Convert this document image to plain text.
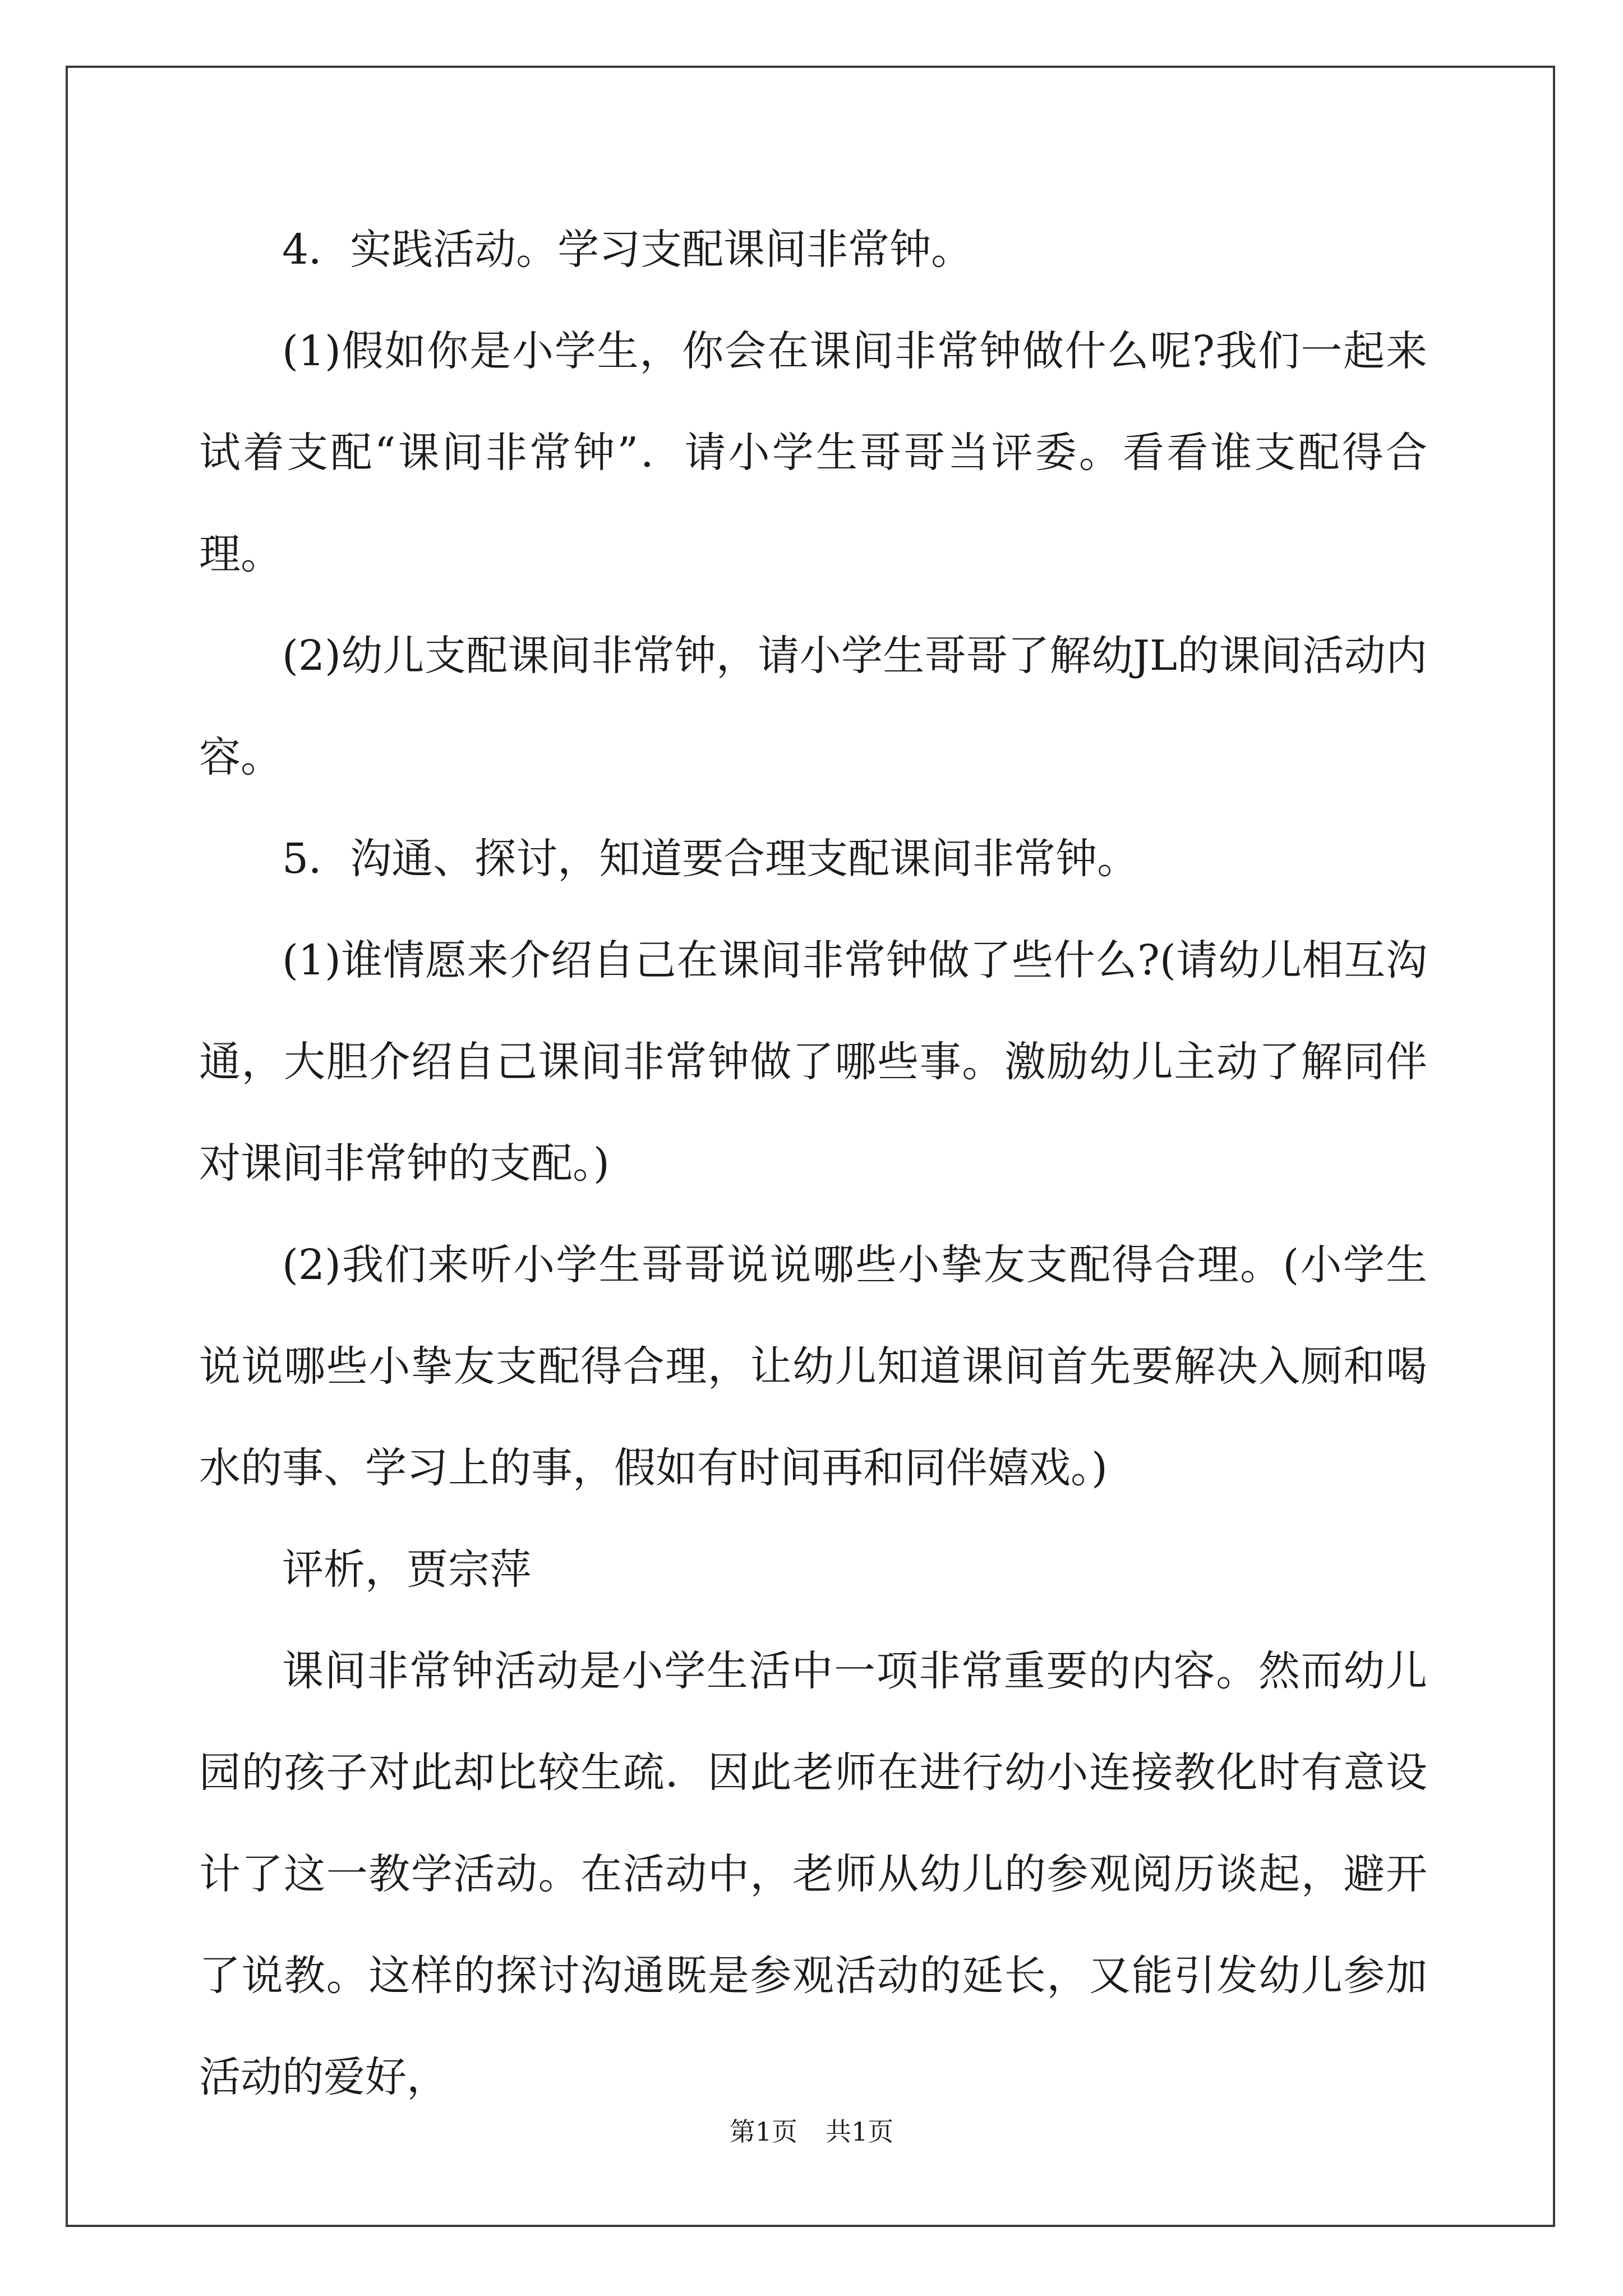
4．实践活动。学习支配课间非常钟。

(1)假如你是小学生，你会在课间非常钟做什么呢?我们一起来试着支配“课间非常钟”．请小学生哥哥当评委。看看谁支配得合理。

(2)幼儿支配课间非常钟，请小学生哥哥了解幼JL的课间活动内容。

5．沟通、探讨，知道要合理支配课间非常钟。

(1)谁情愿来介绍自己在课间非常钟做了些什么?(请幼儿相互沟通，大胆介绍自己课间非常钟做了哪些事。激励幼儿主动了解同伴对课间非常钟的支配。)

(2)我们来听小学生哥哥说说哪些小挚友支配得合理。(小学生说说哪些小挚友支配得合理，让幼儿知道课间首先要解决入厕和喝水的事、学习上的事，假如有时间再和同伴嬉戏。)

评析，贾宗萍

课间非常钟活动是小学生活中一项非常重要的内容。然而幼儿园的孩子对此却比较生疏．因此老师在进行幼小连接教化时有意设计了这一教学活动。在活动中，老师从幼儿的参观阅历谈起，避开了说教。这样的探讨沟通既是参观活动的延长，又能引发幼儿参加活动的爱好，

第1页 共1页
